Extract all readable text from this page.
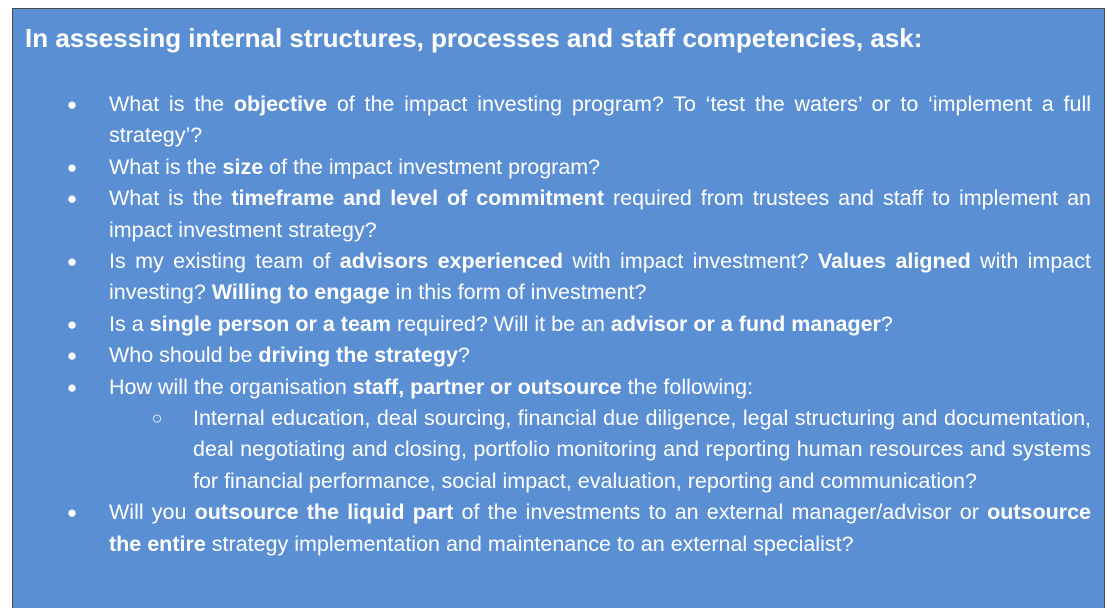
In assessing internal structures, processes and staff competencies, ask:
● What is the objective of the impact investing program? To ‘test the waters’ or to ‘implement a full strategy’?
● What is the size of the impact investment program?
● What is the timeframe and level of commitment required from trustees and staff to implement an impact investment strategy?
● Is my existing team of advisors experienced with impact investment? Values aligned with impact investing? Willing to engage in this form of investment?
● Is a single person or a team required? Will it be an advisor or a fund manager?
● Who should be driving the strategy?
● How will the organisation staff, partner or outsource the following:
○ Internal education, deal sourcing, financial due diligence, legal structuring and documentation, deal negotiating and closing, portfolio monitoring and reporting human resources and systems for financial performance, social impact, evaluation, reporting and communication?
● Will you outsource the liquid part of the investments to an external manager/advisor or outsource the entire strategy implementation and maintenance to an external specialist?
